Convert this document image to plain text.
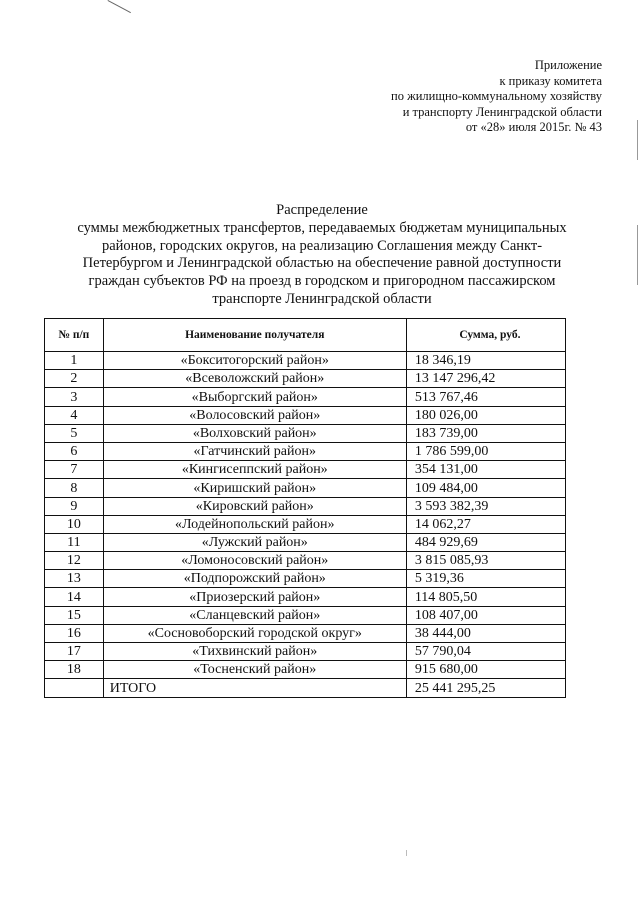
Приложение
к приказу комитета
по жилищно-коммунальному хозяйству
и транспорту Ленинградской области
от «28» июля 2015г. № 43
Распределение
суммы межбюджетных трансфертов, передаваемых бюджетам муниципальных
районов, городских округов, на реализацию Соглашения между Санкт-
Петербургом и Ленинградской областью на обеспечение равной доступности
граждан субъектов РФ на проезд в городском и пригородном пассажирском
транспорте Ленинградской области
№ п/п	Наименование получателя	Сумма, руб.
1	«Бокситогорский район»	18 346,19
2	«Всеволожский район»	13 147 296,42
3	«Выборгский район»	513 767,46
4	«Волосовский район»	180 026,00
5	«Волховский район»	183 739,00
6	«Гатчинский район»	1 786 599,00
7	«Кингисеппский район»	354 131,00
8	«Киришский район»	109 484,00
9	«Кировский район»	3 593 382,39
10	«Лодейнопольский район»	14 062,27
11	«Лужский район»	484 929,69
12	«Ломоносовский район»	3 815 085,93
13	«Подпорожский район»	5 319,36
14	«Приозерский район»	114 805,50
15	«Сланцевский район»	108 407,00
16	«Сосновоборский городской округ»	38 444,00
17	«Тихвинский район»	57 790,04
18	«Тосненский район»	915 680,00
	ИТОГО	25 441 295,25
